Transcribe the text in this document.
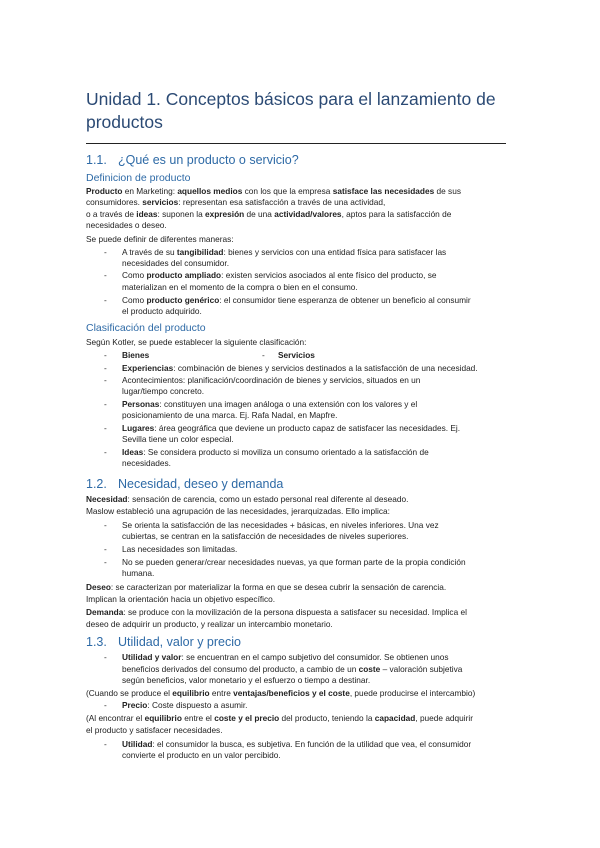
Unidad 1. Conceptos básicos para el lanzamiento de productos
1.1. ¿Qué es un producto o servicio?
Definicion de producto

Producto en Marketing: aquellos medios con los que la empresa satisface las necesidades de sus

consumidores. servicios: representan esa satisfacción a través de una actividad,

o a través de ideas: suponen la expresión de una actividad/valores, aptos para la satisfacción de

necesidades o deseo.

Se puede definir de diferentes maneras:

- A través de su tangibilidad: bienes y servicios con una entidad física para satisfacer las

necesidades del consumidor.

- Como producto ampliado: existen servicios asociados al ente físico del producto, se

materializan en el momento de la compra o bien en el consumo.

- Como producto genérico: el consumidor tiene esperanza de obtener un beneficio al consumir

el producto adquirido.

Clasificación del producto

Según Kotler, se puede establecer la siguiente clasificación:

- Bienes	- Servicios

- Experiencias: combinación de bienes y servicios destinados a la satisfacción de una necesidad.

- Acontecimientos: planificación/coordinación de bienes y servicios, situados en un

lugar/tiempo concreto.

- Personas: constituyen una imagen análoga o una extensión con los valores y el

posicionamiento de una marca. Ej. Rafa Nadal, en Mapfre.

- Lugares: área geográfica que deviene un producto capaz de satisfacer las necesidades. Ej.

Sevilla tiene un color especial.

- Ideas: Se considera producto si moviliza un consumo orientado a la satisfacción de

necesidades.

1.2. Necesidad, deseo y demanda

Necesidad: sensación de carencia, como un estado personal real diferente al deseado.

Maslow estableció una agrupación de las necesidades, jerarquizadas. Ello implica:

- Se orienta la satisfacción de las necesidades + básicas, en niveles inferiores. Una vez

cubiertas, se centran en la satisfacción de necesidades de niveles superiores.

- Las necesidades son limitadas.

- No se pueden generar/crear necesidades nuevas, ya que forman parte de la propia condición

humana.

Deseo: se caracterizan por materializar la forma en que se desea cubrir la sensación de carencia.

Implican la orientación hacia un objetivo específico.

Demanda: se produce con la movilización de la persona dispuesta a satisfacer su necesidad. Implica el

deseo de adquirir un producto, y realizar un intercambio monetario.

1.3. Utilidad, valor y precio
- Utilidad y valor: se encuentran en el campo subjetivo del consumidor. Se obtienen unos

beneficios derivados del consumo del producto, a cambio de un coste – valoración subjetiva

según beneficios, valor monetario y el esfuerzo o tiempo a destinar.

(Cuando se produce el equilibrio entre ventajas/beneficios y el coste, puede producirse el intercambio)

- Precio: Coste dispuesto a asumir.

(Al encontrar el equilibrio entre el coste y el precio del producto, teniendo la capacidad, puede adquirir

el producto y satisfacer necesidades.

- Utilidad: el consumidor la busca, es subjetiva. En función de la utilidad que vea, el consumidor

convierte el producto en un valor percibido.
